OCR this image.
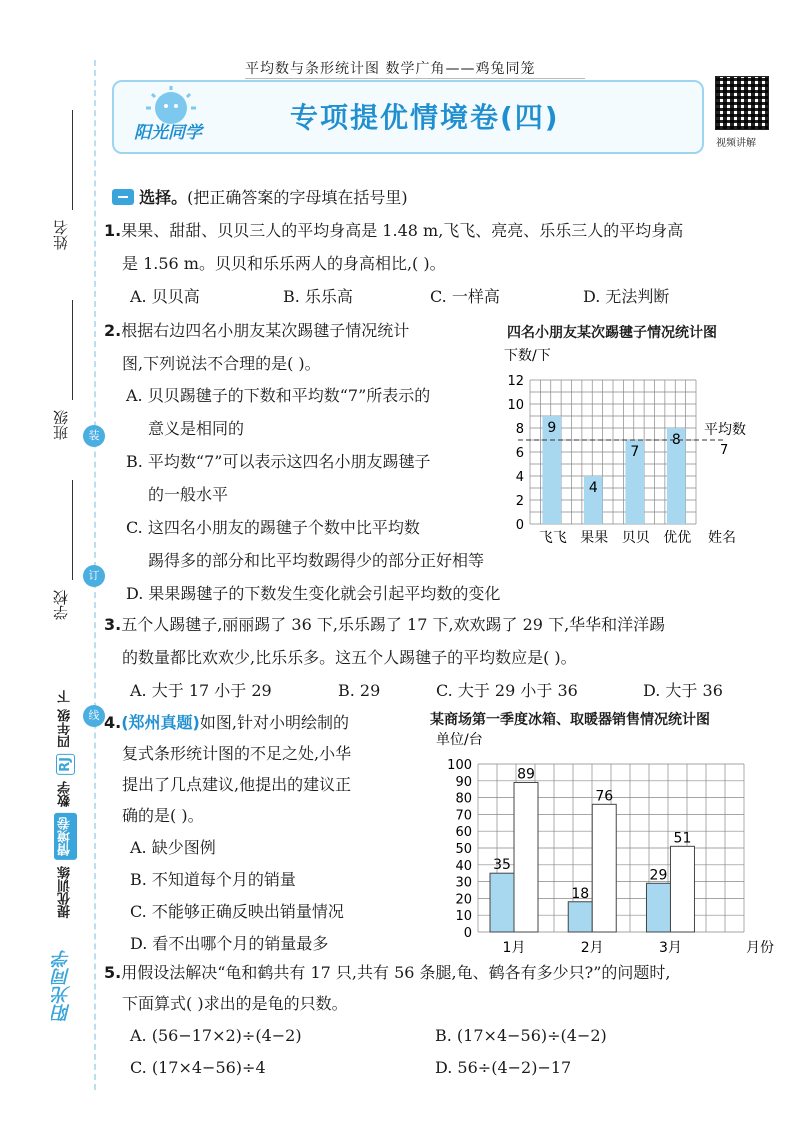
姓名
班级
学校
装
订
线
提优训练
情境卷
数学
RJ
四年级
下
阳光同学
平均数与条形统计图 数学广角——鸡兔同笼
阳光同学	专项提优情境卷(四)
视频讲解
选择。(把正确答案的字母填在括号里)
1.果果、甜甜、贝贝三人的平均身高是 1.48 m,飞飞、亮亮、乐乐三人的平均身高
是 1.56 m。贝贝和乐乐两人的身高相比,( )。
A. 贝贝高	B. 乐乐高	C. 一样高	D. 无法判断
2.根据右边四名小朋友某次踢毽子情况统计
图,下列说法不合理的是( )。
A. 贝贝踢毽子的下数和平均数“7”所表示的
意义是相同的
B. 平均数“7”可以表示这四名小朋友踢毽子
的一般水平
C. 这四名小朋友的踢毽子个数中比平均数
踢得多的部分和比平均数踢得少的部分正好相等
D. 果果踢毽子的下数发生变化就会引起平均数的变化
四名小朋友某次踢毽子情况统计图
下数/下
0
2
4
6
8
10
12
9
飞飞
4
果果
7
贝贝
8
优优 姓名
平均数
7
3.五个人踢毽子,丽丽踢了 36 下,乐乐踢了 17 下,欢欢踢了 29 下,华华和洋洋踢
的数量都比欢欢少,比乐乐多。这五个人踢毽子的平均数应是( )。
A. 大于 17 小于 29	B. 29	C. 大于 29 小于 36	D. 大于 36
4.(郑州真题)如图,针对小明绘制的
复式条形统计图的不足之处,小华
提出了几点建议,他提出的建议正
确的是( )。
A. 缺少图例
B. 不知道每个月的销量
C. 不能够正确反映出销量情况
D. 看不出哪个月的销量最多
某商场第一季度冰箱、取暖器销售情况统计图
单位/台
0
10
20
30
40
50
60
70
80
90
100
35
89
1月
18
76
2月
29
51
3月	月份
5.用假设法解决“龟和鹤共有 17 只,共有 56 条腿,龟、鹤各有多少只?”的问题时,
下面算式( )求出的是龟的只数。
A. (56−17×2)÷(4−2)	B. (17×4−56)÷(4−2)
C. (17×4−56)÷4	D. 56÷(4−2)−17
